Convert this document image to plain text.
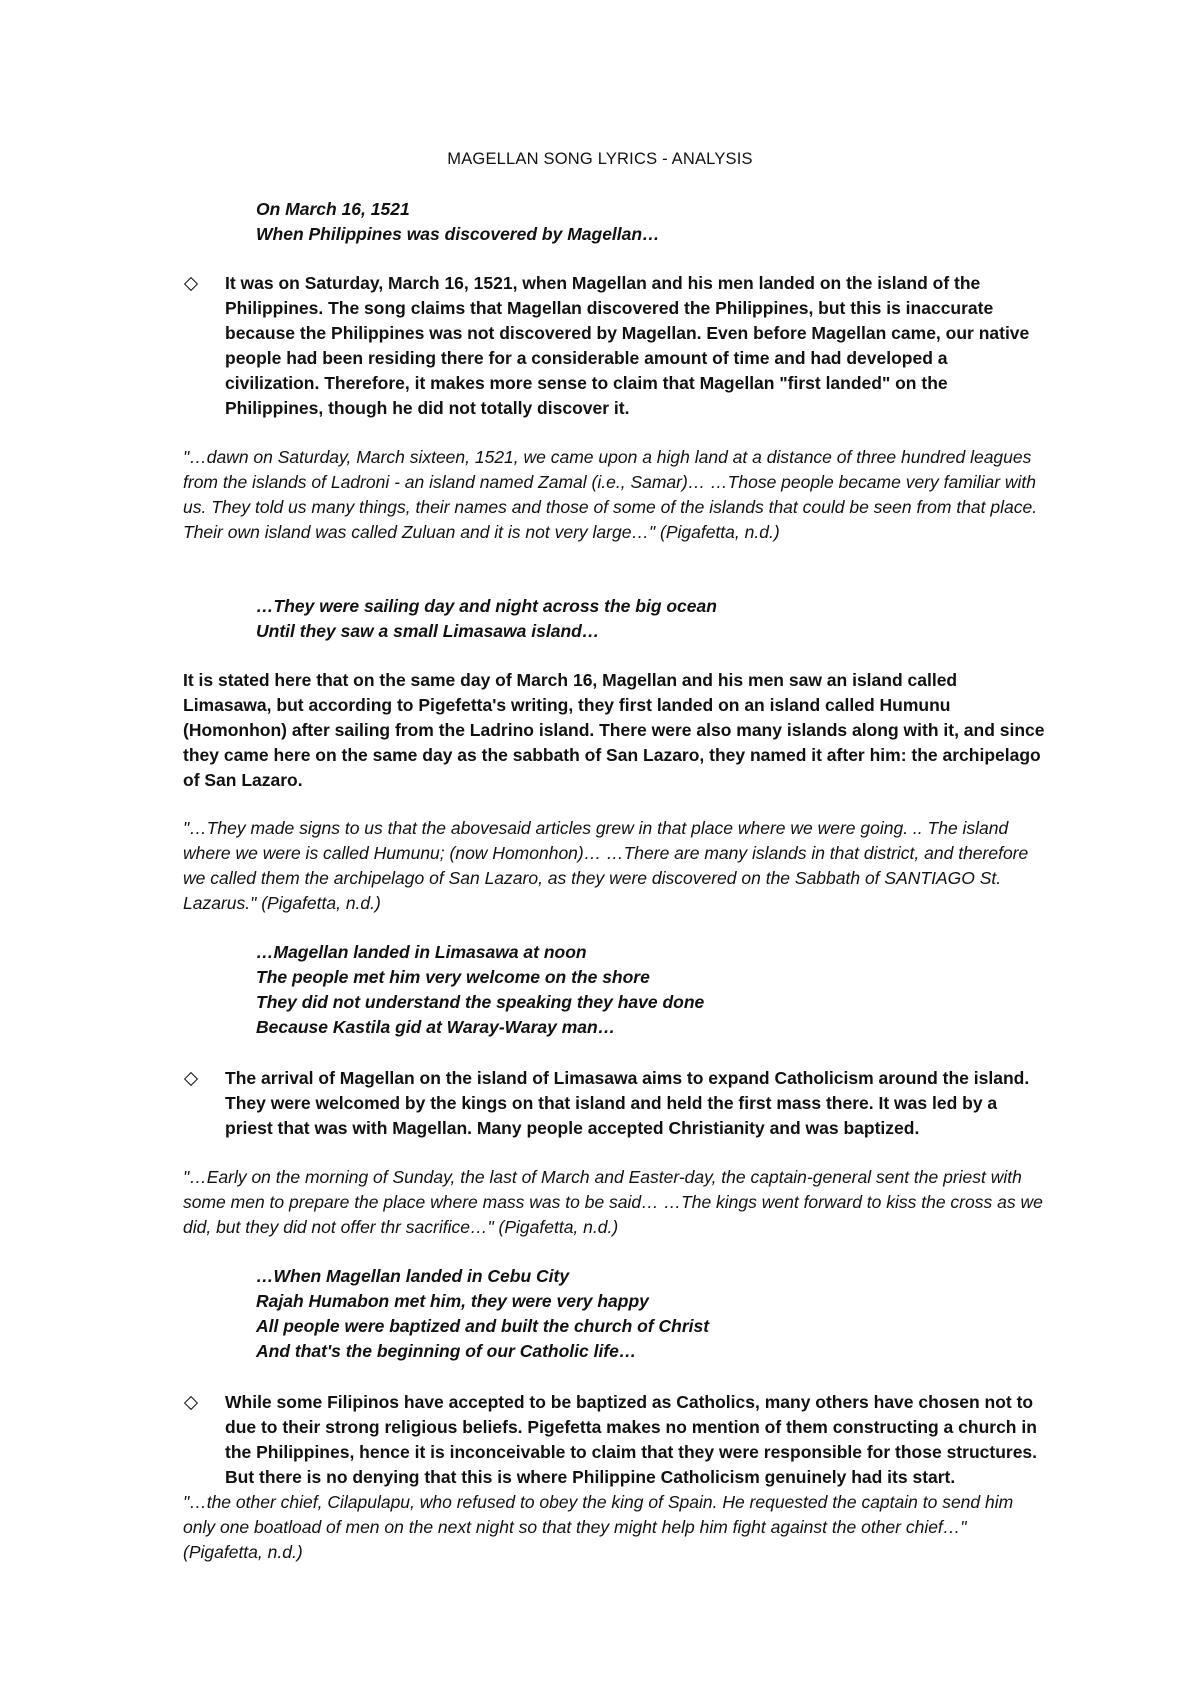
MAGELLAN SONG LYRICS - ANALYSIS
On March 16, 1521
When Philippines was discovered by Magellan…

It was on Saturday, March 16, 1521, when Magellan and his men landed on the island of the Philippines. The song claims that Magellan discovered the Philippines, but this is inaccurate because the Philippines was not discovered by Magellan. Even before Magellan came, our native people had been residing there for a considerable amount of time and had developed a civilization. Therefore, it makes more sense to claim that Magellan "first landed" on the Philippines, though he did not totally discover it.

"…dawn on Saturday, March sixteen, 1521, we came upon a high land at a distance of three hundred leagues from the islands of Ladroni - an island named Zamal (i.e., Samar)… …Those people became very familiar with us. They told us many things, their names and those of some of the islands that could be seen from that place. Their own island was called Zuluan and it is not very large…" (Pigafetta, n.d.)

…They were sailing day and night across the big ocean
Until they saw a small Limasawa island…

It is stated here that on the same day of March 16, Magellan and his men saw an island called Limasawa, but according to Pigefetta's writing, they first landed on an island called Humunu (Homonhon) after sailing from the Ladrino island. There were also many islands along with it, and since they came here on the same day as the sabbath of San Lazaro, they named it after him: the archipelago of San Lazaro.

"…They made signs to us that the abovesaid articles grew in that place where we were going. .. The island where we were is called Humunu; (now Homonhon)… …There are many islands in that district, and therefore we called them the archipelago of San Lazaro, as they were discovered on the Sabbath of SANTIAGO St. Lazarus." (Pigafetta, n.d.)

…Magellan landed in Limasawa at noon
The people met him very welcome on the shore
They did not understand the speaking they have done
Because Kastila gid at Waray-Waray man…

The arrival of Magellan on the island of Limasawa aims to expand Catholicism around the island. They were welcomed by the kings on that island and held the first mass there. It was led by a priest that was with Magellan. Many people accepted Christianity and was baptized.

"…Early on the morning of Sunday, the last of March and Easter-day, the captain-general sent the priest with some men to prepare the place where mass was to be said… …The kings went forward to kiss the cross as we did, but they did not offer thr sacrifice…" (Pigafetta, n.d.)

…When Magellan landed in Cebu City
Rajah Humabon met him, they were very happy
All people were baptized and built the church of Christ
And that's the beginning of our Catholic life…

While some Filipinos have accepted to be baptized as Catholics, many others have chosen not to due to their strong religious beliefs. Pigefetta makes no mention of them constructing a church in the Philippines, hence it is inconceivable to claim that they were responsible for those structures. But there is no denying that this is where Philippine Catholicism genuinely had its start.

"…the other chief, Cilapulapu, who refused to obey the king of Spain. He requested the captain to send him only one boatload of men on the next night so that they might help him fight against the other chief…" (Pigafetta, n.d.)
